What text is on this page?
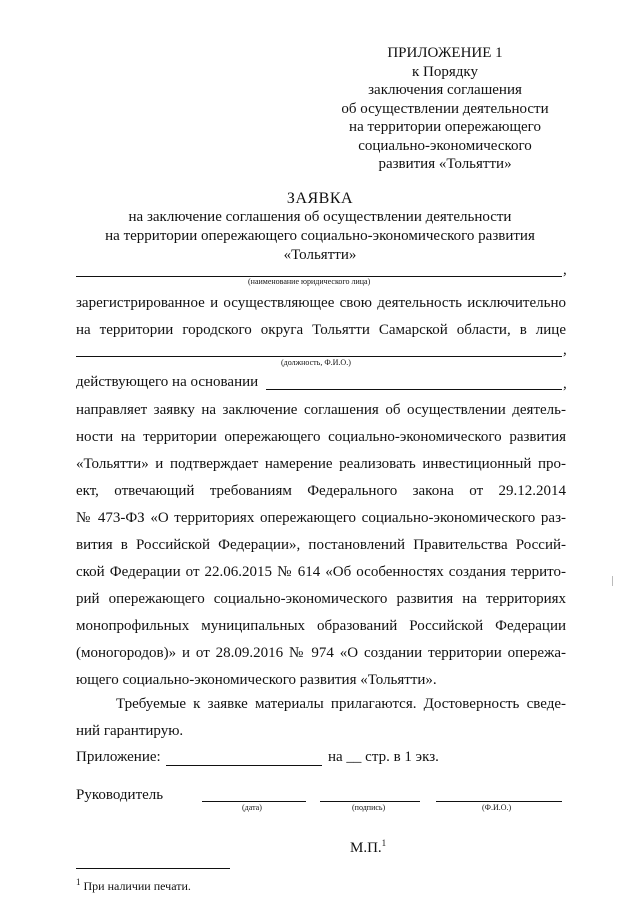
ПРИЛОЖЕНИЕ 1
к Порядку
заключения соглашения
об осуществлении деятельности
на территории опережающего
социально-экономического
развития «Тольятти»
ЗАЯВКА
на заключение соглашения об осуществлении деятельности
на территории опережающего социально-экономического развития
«Тольятти»
,
(наименование юридического лица)
зарегистрированное и осуществляющее свою деятельность исключительно
на территории городского округа Тольятти Самарской области, в лице
,
(должность, Ф.И.О.)
действующего на основании	,
направляет заявку на заключение соглашения об осуществлении деятель-
ности на территории опережающего социально-экономического развития
«Тольятти» и подтверждает намерение реализовать инвестиционный про-
ект, отвечающий требованиям Федерального закона от 29.12.2014
№ 473-ФЗ «О территориях опережающего социально-экономического раз-
вития в Российской Федерации», постановлений Правительства Россий-
ской Федерации от 22.06.2015 № 614 «Об особенностях создания террито-
рий опережающего социально-экономического развития на территориях
монопрофильных муниципальных образований Российской Федерации
(моногородов)» и от 28.09.2016 № 974 «О создании территории опережа-
ющего социально-экономического развития «Тольятти».
Требуемые к заявке материалы прилагаются. Достоверность сведе-
ний гарантирую.
Приложение:	на __ стр. в 1 экз.
Руководитель
(дата)	(подпись)	(Ф.И.О.)
М.П.$^1$
$^1$ При наличии печати.
